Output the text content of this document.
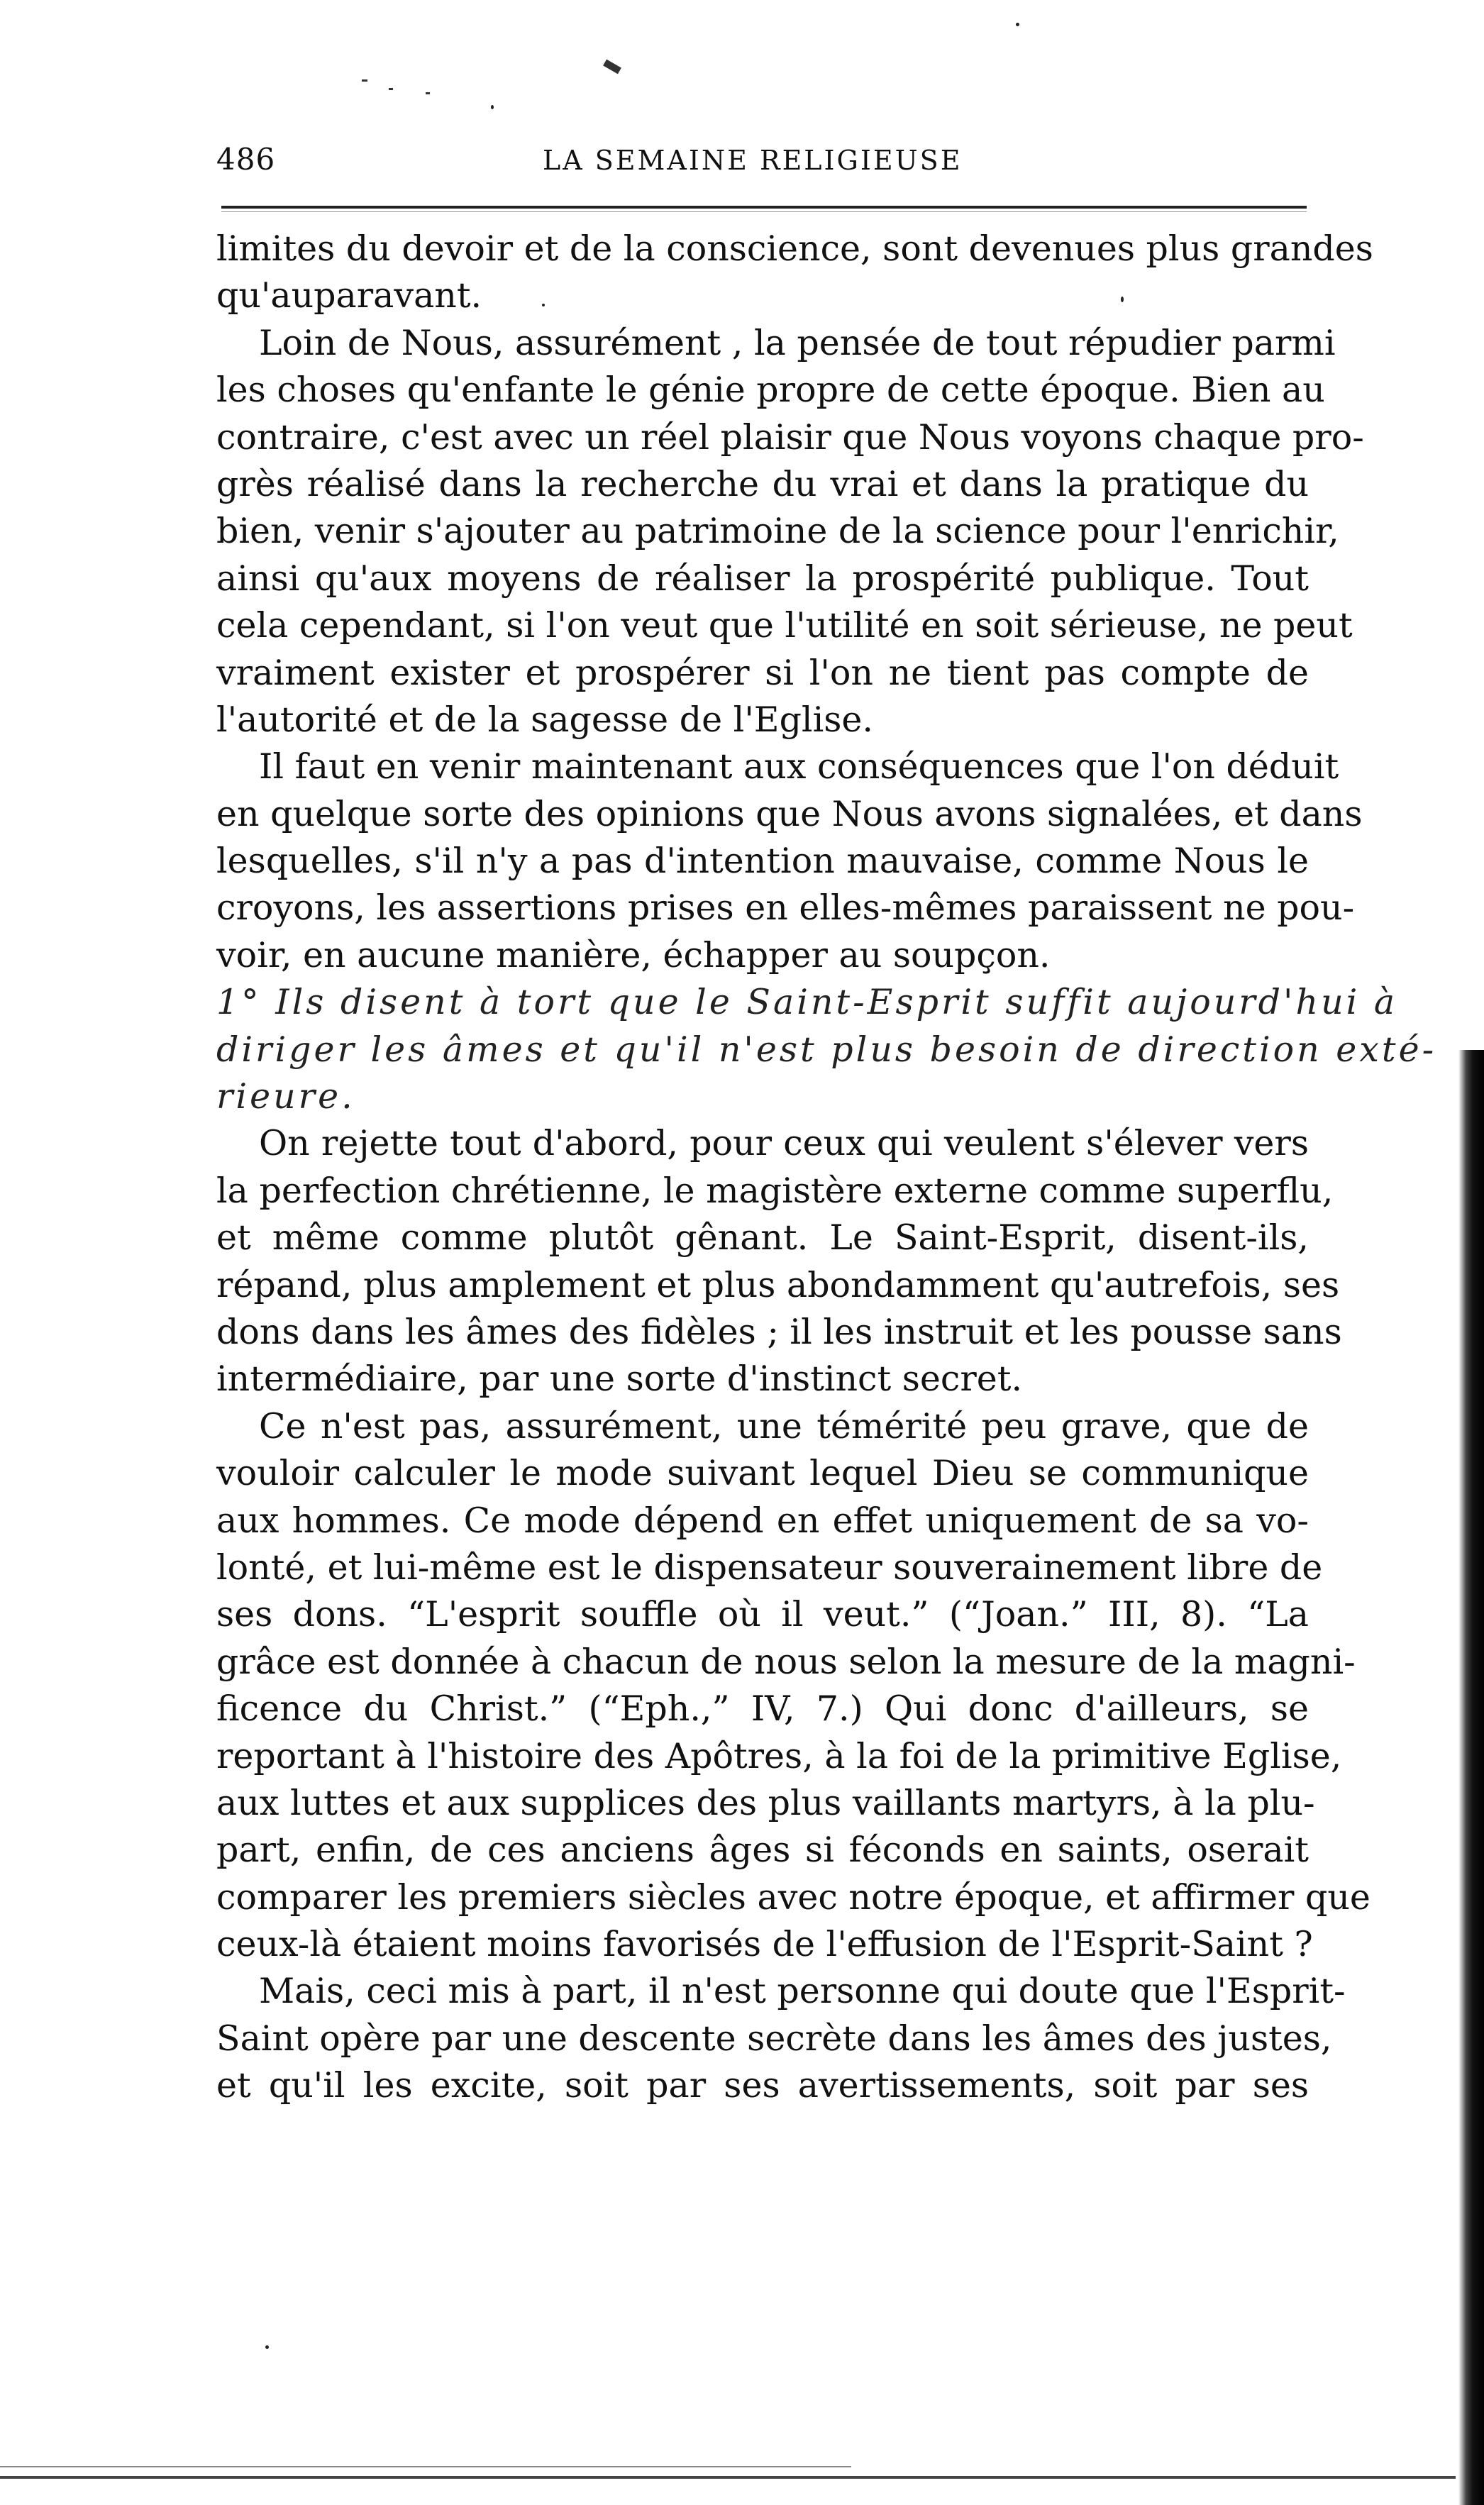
486	LA SEMAINE RELIGIEUSE
limites du devoir et de la conscience, sont devenues plus grandes
qu'auparavant.
Loin de Nous, assurément , la pensée de tout répudier parmi
les choses qu'enfante le génie propre de cette époque. Bien au
contraire, c'est avec un réel plaisir que Nous voyons chaque pro-
grès réalisé dans la recherche du vrai et dans la pratique du
bien, venir s'ajouter au patrimoine de la science pour l'enrichir,
ainsi qu'aux moyens de réaliser la prospérité publique. Tout
cela cependant, si l'on veut que l'utilité en soit sérieuse, ne peut
vraiment exister et prospérer si l'on ne tient pas compte de
l'autorité et de la sagesse de l'Eglise.
Il faut en venir maintenant aux conséquences que l'on déduit
en quelque sorte des opinions que Nous avons signalées, et dans
lesquelles, s'il n'y a pas d'intention mauvaise, comme Nous le
croyons, les assertions prises en elles-mêmes paraissent ne pou-
voir, en aucune manière, échapper au soupçon.
1° Ils disent à tort que le Saint-Esprit suffit aujourd'hui à
diriger les âmes et qu'il n'est plus besoin de direction exté-
rieure.
On rejette tout d'abord, pour ceux qui veulent s'élever vers
la perfection chrétienne, le magistère externe comme superflu,
et même comme plutôt gênant. Le Saint-Esprit, disent-ils,
répand, plus amplement et plus abondamment qu'autrefois, ses
dons dans les âmes des fidèles ; il les instruit et les pousse sans
intermédiaire, par une sorte d'instinct secret.
Ce n'est pas, assurément, une témérité peu grave, que de
vouloir calculer le mode suivant lequel Dieu se communique
aux hommes. Ce mode dépend en effet uniquement de sa vo-
lonté, et lui-même est le dispensateur souverainement libre de
ses dons. “L'esprit souffle où il veut.” (“Joan.” III, 8). “La
grâce est donnée à chacun de nous selon la mesure de la magni-
ficence du Christ.” (“Eph.,” IV, 7.) Qui donc d'ailleurs, se
reportant à l'histoire des Apôtres, à la foi de la primitive Eglise,
aux luttes et aux supplices des plus vaillants martyrs, à la plu-
part, enfin, de ces anciens âges si féconds en saints, oserait
comparer les premiers siècles avec notre époque, et affirmer que
ceux-là étaient moins favorisés de l'effusion de l'Esprit-Saint ?
Mais, ceci mis à part, il n'est personne qui doute que l'Esprit-
Saint opère par une descente secrète dans les âmes des justes,
et qu'il les excite, soit par ses avertissements, soit par ses
